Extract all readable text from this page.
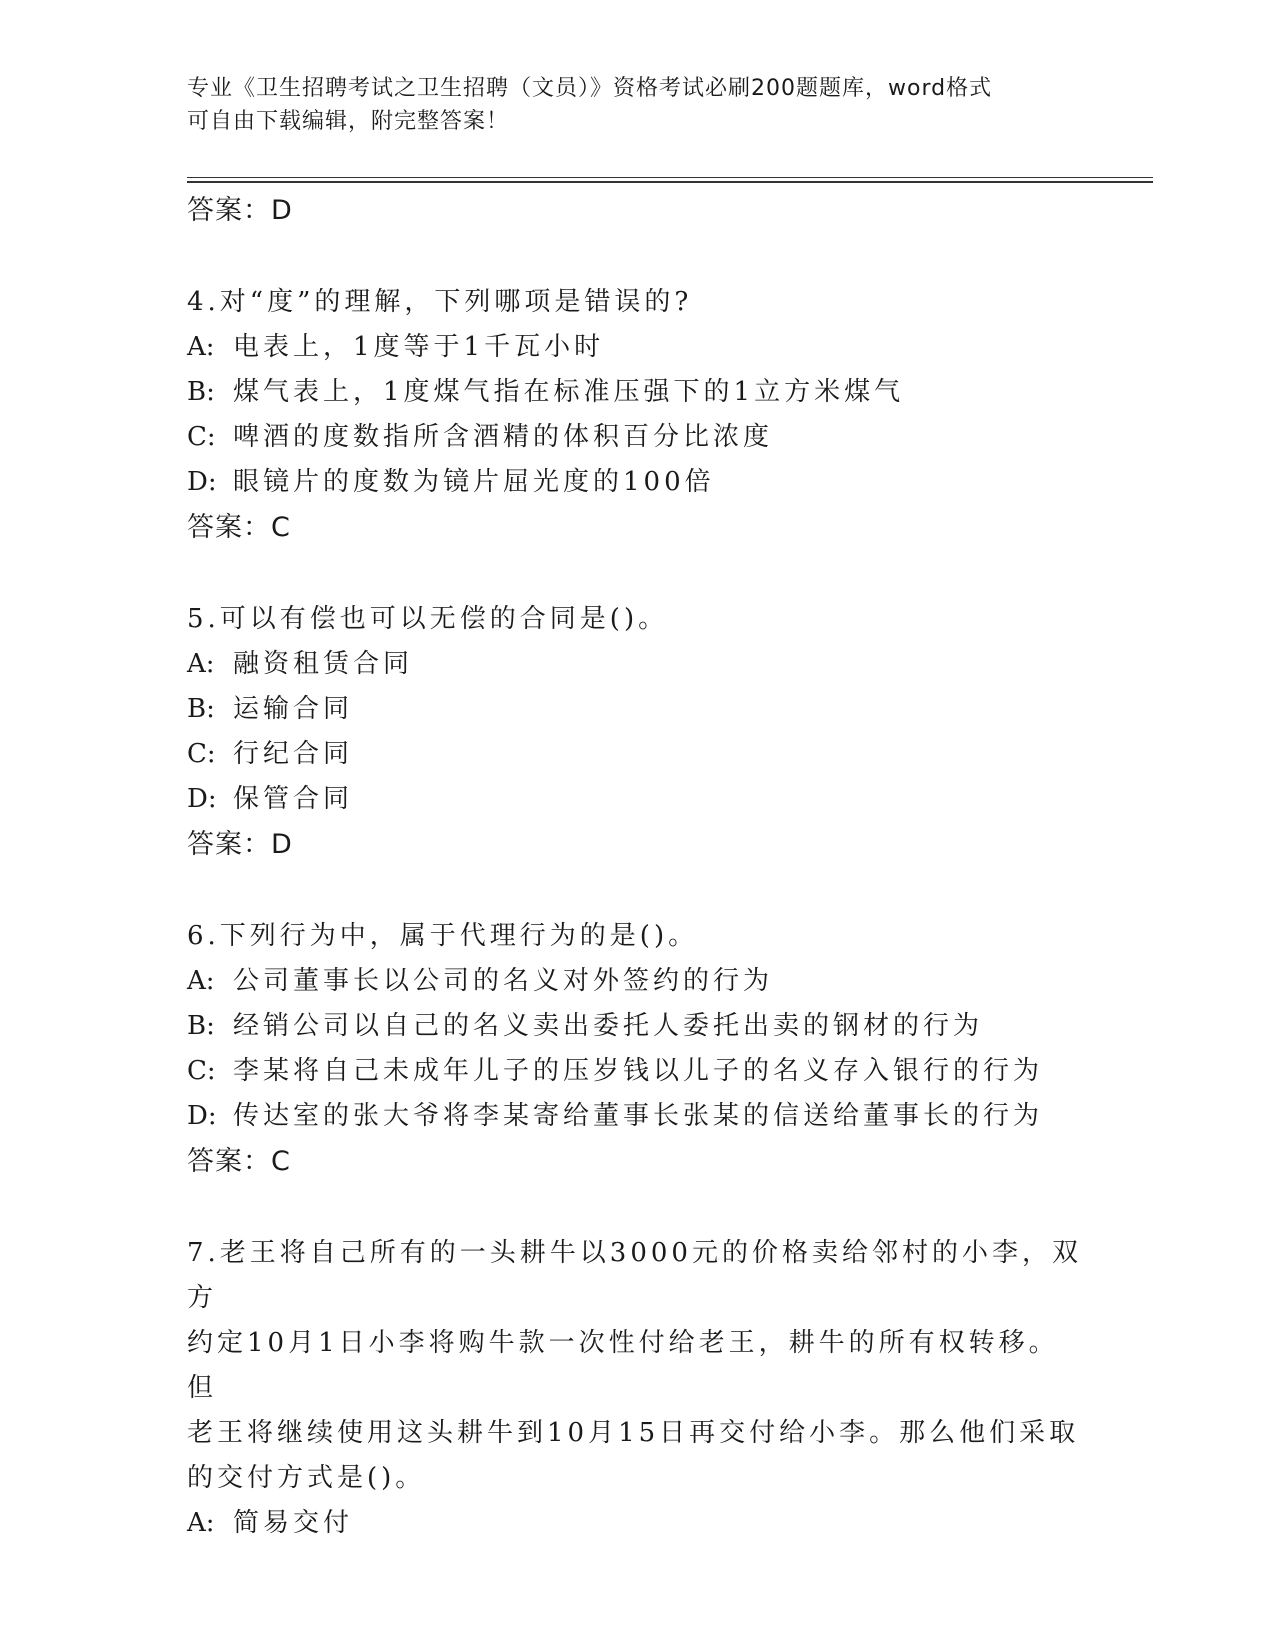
专业《卫生招聘考试之卫生招聘（文员）》资格考试必刷200题题库，word格式
可自由下载编辑，附完整答案！
答案：D
4.对“度”的理解，下列哪项是错误的?
A: 电表上，1度等于1千瓦小时
B: 煤气表上，1度煤气指在标准压强下的1立方米煤气
C: 啤酒的度数指所含酒精的体积百分比浓度
D: 眼镜片的度数为镜片屈光度的100倍
答案：C
5.可以有偿也可以无偿的合同是()。
A: 融资租赁合同
B: 运输合同
C: 行纪合同
D: 保管合同
答案：D
6.下列行为中，属于代理行为的是()。
A: 公司董事长以公司的名义对外签约的行为
B: 经销公司以自己的名义卖出委托人委托出卖的钢材的行为
C: 李某将自己未成年儿子的压岁钱以儿子的名义存入银行的行为
D: 传达室的张大爷将李某寄给董事长张某的信送给董事长的行为
答案：C
7.老王将自己所有的一头耕牛以3000元的价格卖给邻村的小李，双方
约定10月1日小李将购牛款一次性付给老王，耕牛的所有权转移。但
老王将继续使用这头耕牛到10月15日再交付给小李。那么他们采取
的交付方式是()。
A: 简易交付
